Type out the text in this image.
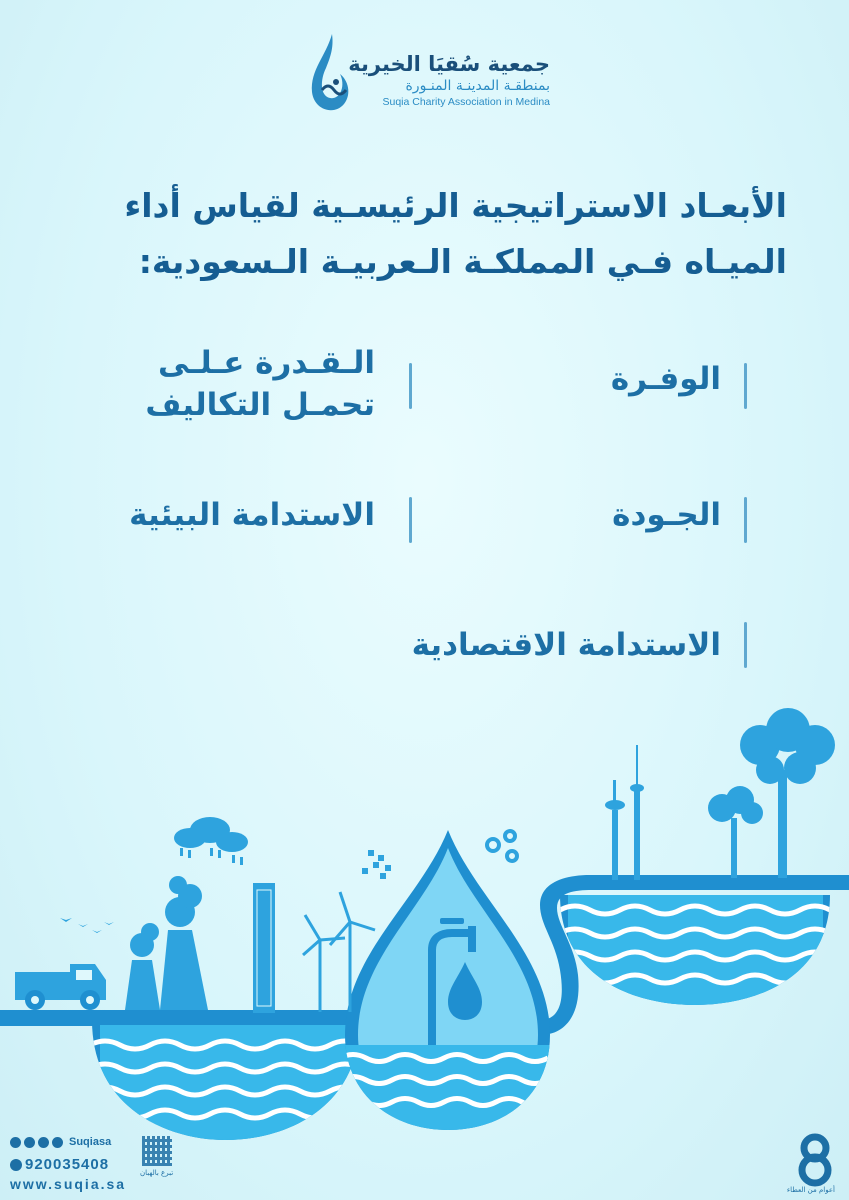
جمعية سُقيَا الخيرية
بمنطقـة المدينـة المنـورة
Suqia Charity Association in Medina
الأبعـاد الاستراتيجية الرئيسـية لقياس أداء
الميـاه فـي المملكـة الـعربيـة الـسعودية:
الوفـرة
الـقـدرة عـلـى
تحمـل التكاليف
الجـودة
الاستدامة البيئية
الاستدامة الاقتصادية
Suqiasa
920035408
www.suqia.sa
تبرع بالهبان
أعوام من العطاء
